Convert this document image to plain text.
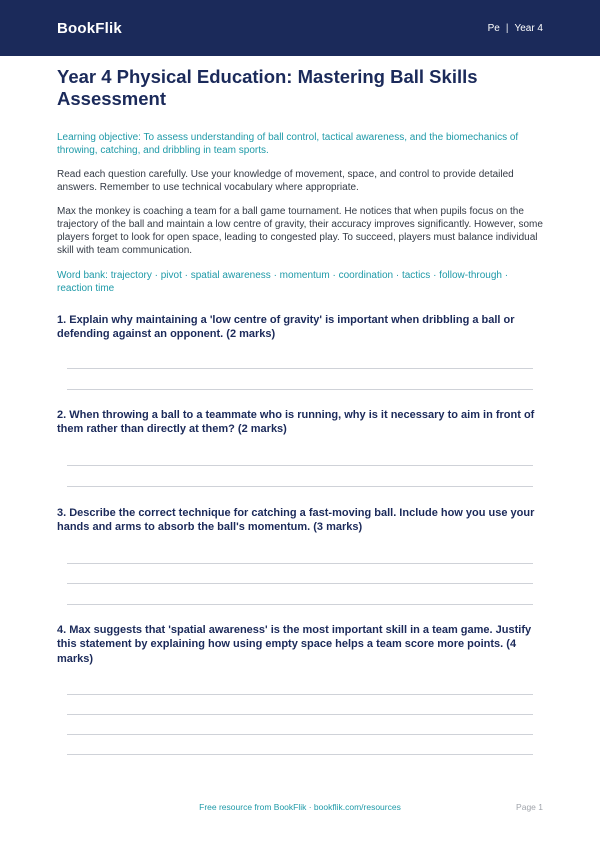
BookFlik	Pe | Year 4
Year 4 Physical Education: Mastering Ball Skills Assessment

Learning objective: To assess understanding of ball control, tactical awareness, and the biomechanics of throwing, catching, and dribbling in team sports.

Read each question carefully. Use your knowledge of movement, space, and control to provide detailed answers. Remember to use technical vocabulary where appropriate.

Max the monkey is coaching a team for a ball game tournament. He notices that when pupils focus on the trajectory of the ball and maintain a low centre of gravity, their accuracy improves significantly. However, some players forget to look for open space, leading to congested play. To succeed, players must balance individual skill with team communication.

Word bank: trajectory · pivot · spatial awareness · momentum · coordination · tactics · follow-through · reaction time

1. Explain why maintaining a 'low centre of gravity' is important when dribbling a ball or defending against an opponent. (2 marks)

2. When throwing a ball to a teammate who is running, why is it necessary to aim in front of them rather than directly at them? (2 marks)

3. Describe the correct technique for catching a fast-moving ball. Include how you use your hands and arms to absorb the ball's momentum. (3 marks)

4. Max suggests that 'spatial awareness' is the most important skill in a team game. Justify this statement by explaining how using empty space helps a team score more points. (4 marks)

Free resource from BookFlik · bookflik.com/resources	Page 1
